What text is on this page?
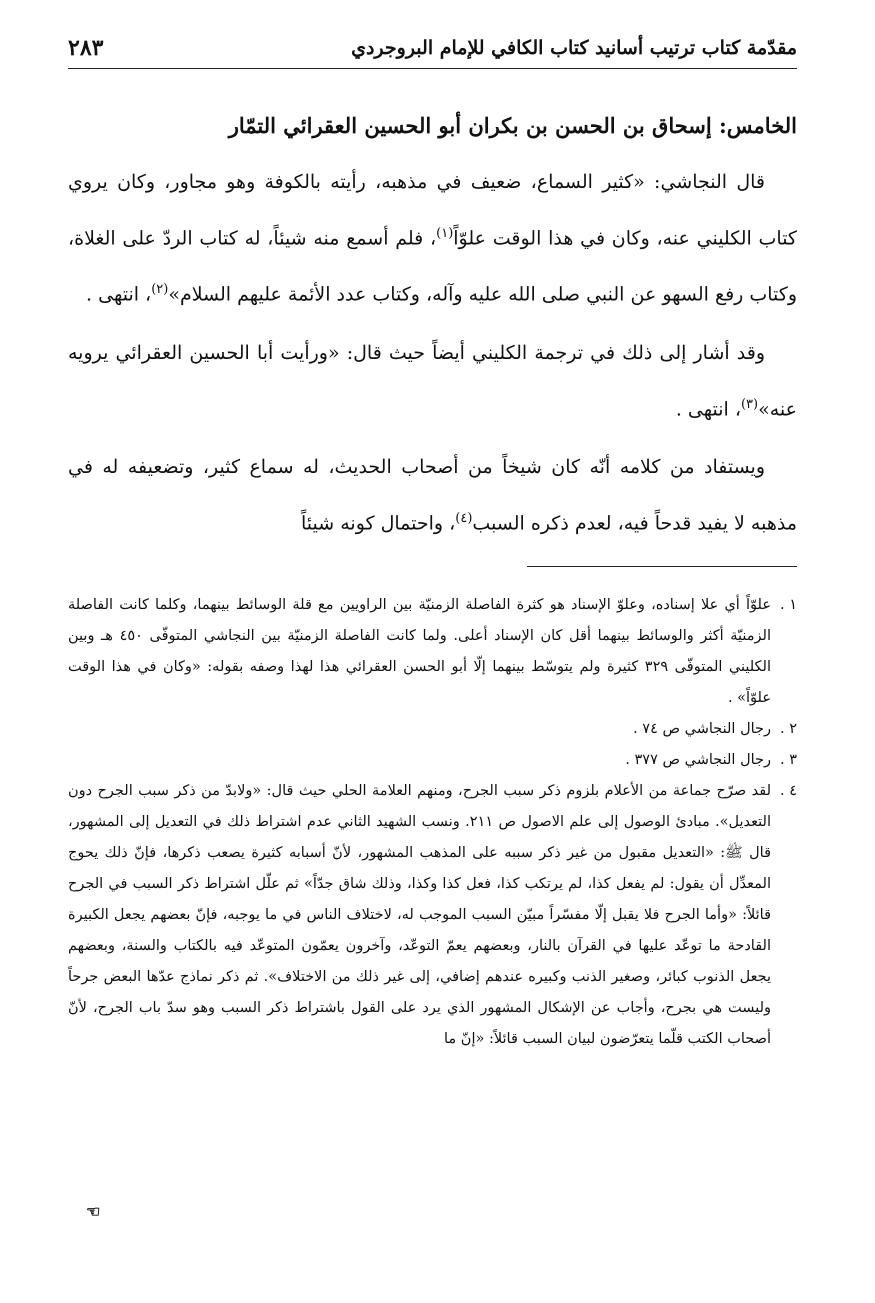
مقدّمة كتاب ترتيب أسانيد كتاب الكافي للإمام البروجردي
٢٨٣
الخامس: إسحاق بن الحسن بن بكران أبو الحسين العقرائي التمّار

قال النجاشي: «كثير السماع، ضعيف في مذهبه، رأيته بالكوفة وهو مجاور، وكان يروي كتاب الكليني عنه، وكان في هذا الوقت علوّاً$^{(١)}$، فلم أسمع منه شيئاً، له كتاب الردّ على الغلاة، وكتاب رفع السهو عن النبي صلى الله عليه وآله، وكتاب عدد الأئمة عليهم السلام»$^{(٢)}$، انتهى .

وقد أشار إلى ذلك في ترجمة الكليني أيضاً حيث قال: «ورأيت أبا الحسين العقرائي يرويه عنه»$^{(٣)}$، انتهى .

ويستفاد من كلامه أنّه كان شيخاً من أصحاب الحديث، له سماع كثير، وتضعيفه له في مذهبه لا يفيد قدحاً فيه، لعدم ذكره السبب$^{(٤)}$، واحتمال كونه شيئاً

١ .
علوّاً أي علا إسناده، وعلوّ الإسناد هو كثرة الفاصلة الزمنيّة بين الراويين مع قلة الوسائط بينهما، وكلما كانت الفاصلة الزمنيّة أكثر والوسائط بينهما أقل كان الإسناد أعلى. ولما كانت الفاصلة الزمنيّة بين النجاشي المتوفّى ٤٥٠ هـ وبين الكليني المتوفّى ٣٢٩ كثيرة ولم يتوسّط بينهما إلّا أبو الحسن العقرائي هذا لهذا وصفه بقوله: «وكان في هذا الوقت علوّاً» .

٢ .
رجال النجاشي ص ٧٤ .

٣ .
رجال النجاشي ص ٣٧٧ .

٤ .
لقد صرّح جماعة من الأعلام بلزوم ذكر سبب الجرح، ومنهم العلامة الحلي حيث قال: «ولابدّ من ذكر سبب الجرح دون التعديل». مبادئ الوصول إلى علم الاصول ص ٢١١. ونسب الشهيد الثاني عدم اشتراط ذلك في التعديل إلى المشهور، قال ﷺ: «التعديل مقبول من غير ذكر سببه على المذهب المشهور، لأنّ أسبابه كثيرة يصعب ذكرها، فإنّ ذلك يحوج المعدِّل أن يقول: لم يفعل كذا، لم يرتكب كذا، فعل كذا وكذا، وذلك شاق جدّاً» ثم علّل اشتراط ذكر السبب في الجرح قائلاً: «وأما الجرح فلا يقبل إلّا مفسّراً مبيّن السبب الموجب له، لاختلاف الناس في ما يوجبه، فإنّ بعضهم يجعل الكبيرة القادحة ما توعّد عليها في القرآن بالنار، وبعضهم يعمّ التوعّد، وآخرون يعمّون المتوعّد فيه بالكتاب والسنة، وبعضهم يجعل الذنوب كبائر، وصغير الذنب وكبيره عندهم إضافي، إلى غير ذلك من الاختلاف». ثم ذكر نماذج عدّها البعض جرحاً وليست هي بجرح، وأجاب عن الإشكال المشهور الذي يرد على القول باشتراط ذكر السبب وهو سدّ باب الجرح، لأنّ أصحاب الكتب قلّما يتعرّضون لبيان السبب قائلاً: «إنّ ما

☜
